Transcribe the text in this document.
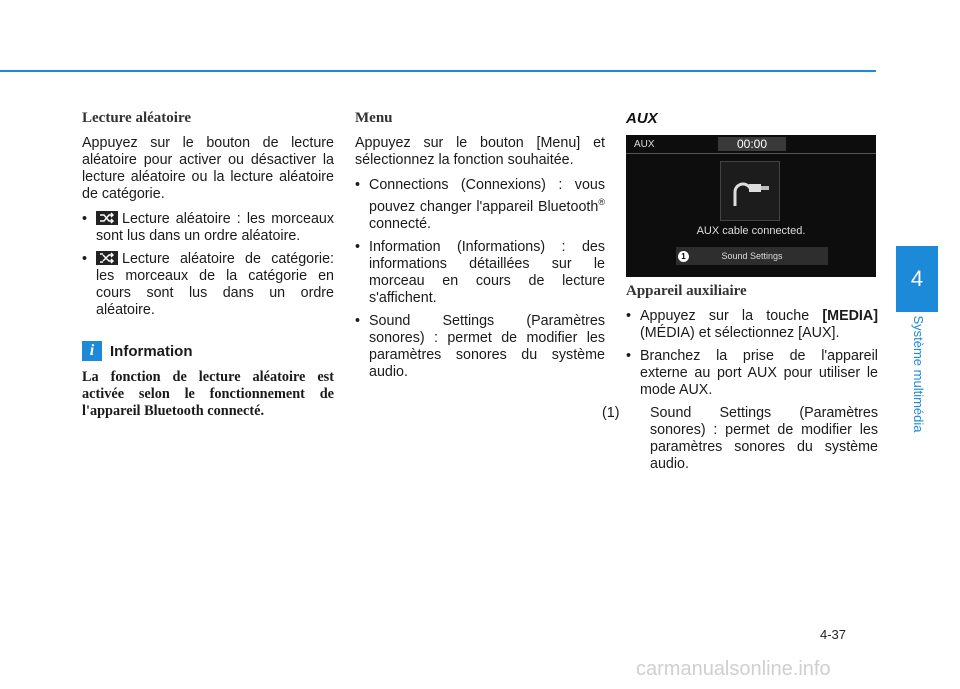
4
Système multimédia
Lecture aléatoire

Appuyez sur le bouton de lecture aléatoire pour activer ou désactiver la lecture aléatoire ou la lecture aléatoire de catégorie.

• Lecture aléatoire : les morceaux sont lus dans un ordre aléatoire.
• Lecture aléatoire de catégorie: les morceaux de la catégorie en cours sont lus dans un ordre aléatoire.
i	Information
La fonction de lecture aléatoire est activée selon le fonctionnement de l'appareil Bluetooth connecté.
Menu

Appuyez sur le bouton [Menu] et sélectionnez la fonction souhaitée.

• Connections (Connexions) : vous pouvez changer l'appareil Bluetooth® connecté.
• Information (Informations) : des informations détaillées sur le morceau en cours de lecture s'affichent.
• Sound Settings (Paramètres sonores) : permet de modifier les paramètres sonores du système audio.
AUX
AUX	00:00
AUX cable connected.
Sound Settings
1
Appareil auxiliaire
• Appuyez sur la touche [MEDIA] (MÉDIA) et sélectionnez [AUX].
• Branchez la prise de l'appareil externe au port AUX pour utiliser le mode AUX.
(1) Sound Settings (Paramètres sonores) : permet de modifier les paramètres sonores du système audio.
4-37
carmanualsonline.info
